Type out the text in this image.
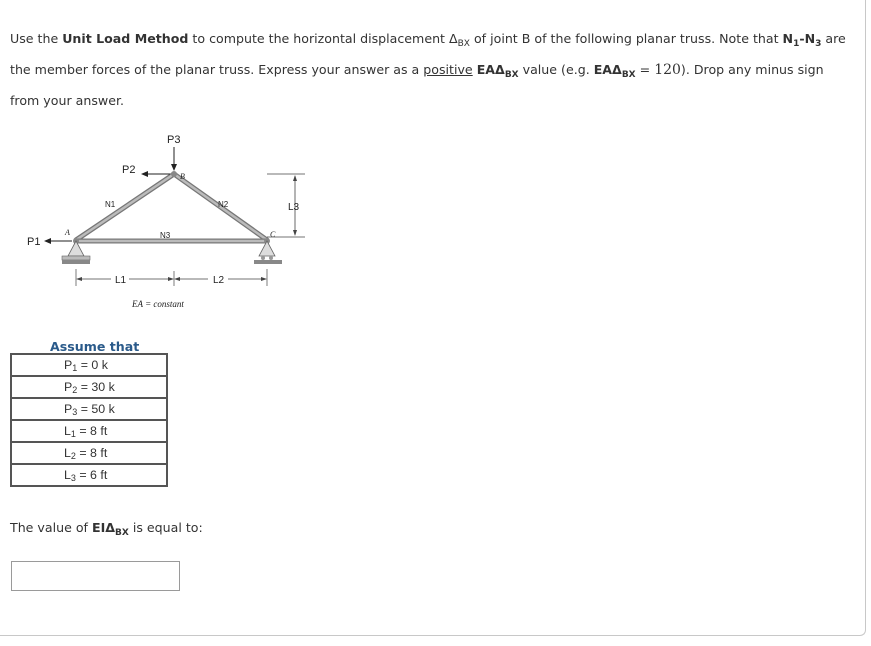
Use the Unit Load Method to compute the horizontal displacement $\Delta_{BX}$ of joint B of the following planar truss. Note that $N_1-N_3$ are the member forces of the planar truss. Express your answer as a positive $EA\Delta_{BX}$ value (e.g. $EA\Delta_{BX} = 120$). Drop any minus sign from your answer.
P3
P2
B
N1	N2	L3
N3
A	C
P1
L1	L2
EA = constant
Assume that
$P_1 = 0$ k
$P_2 = 30$ k
$P_3 = 50$ k
$L_1 = 8$ ft
$L_2 = 8$ ft
$L_3 = 6$ ft
The value of $EI\Delta_{BX}$ is equal to:
